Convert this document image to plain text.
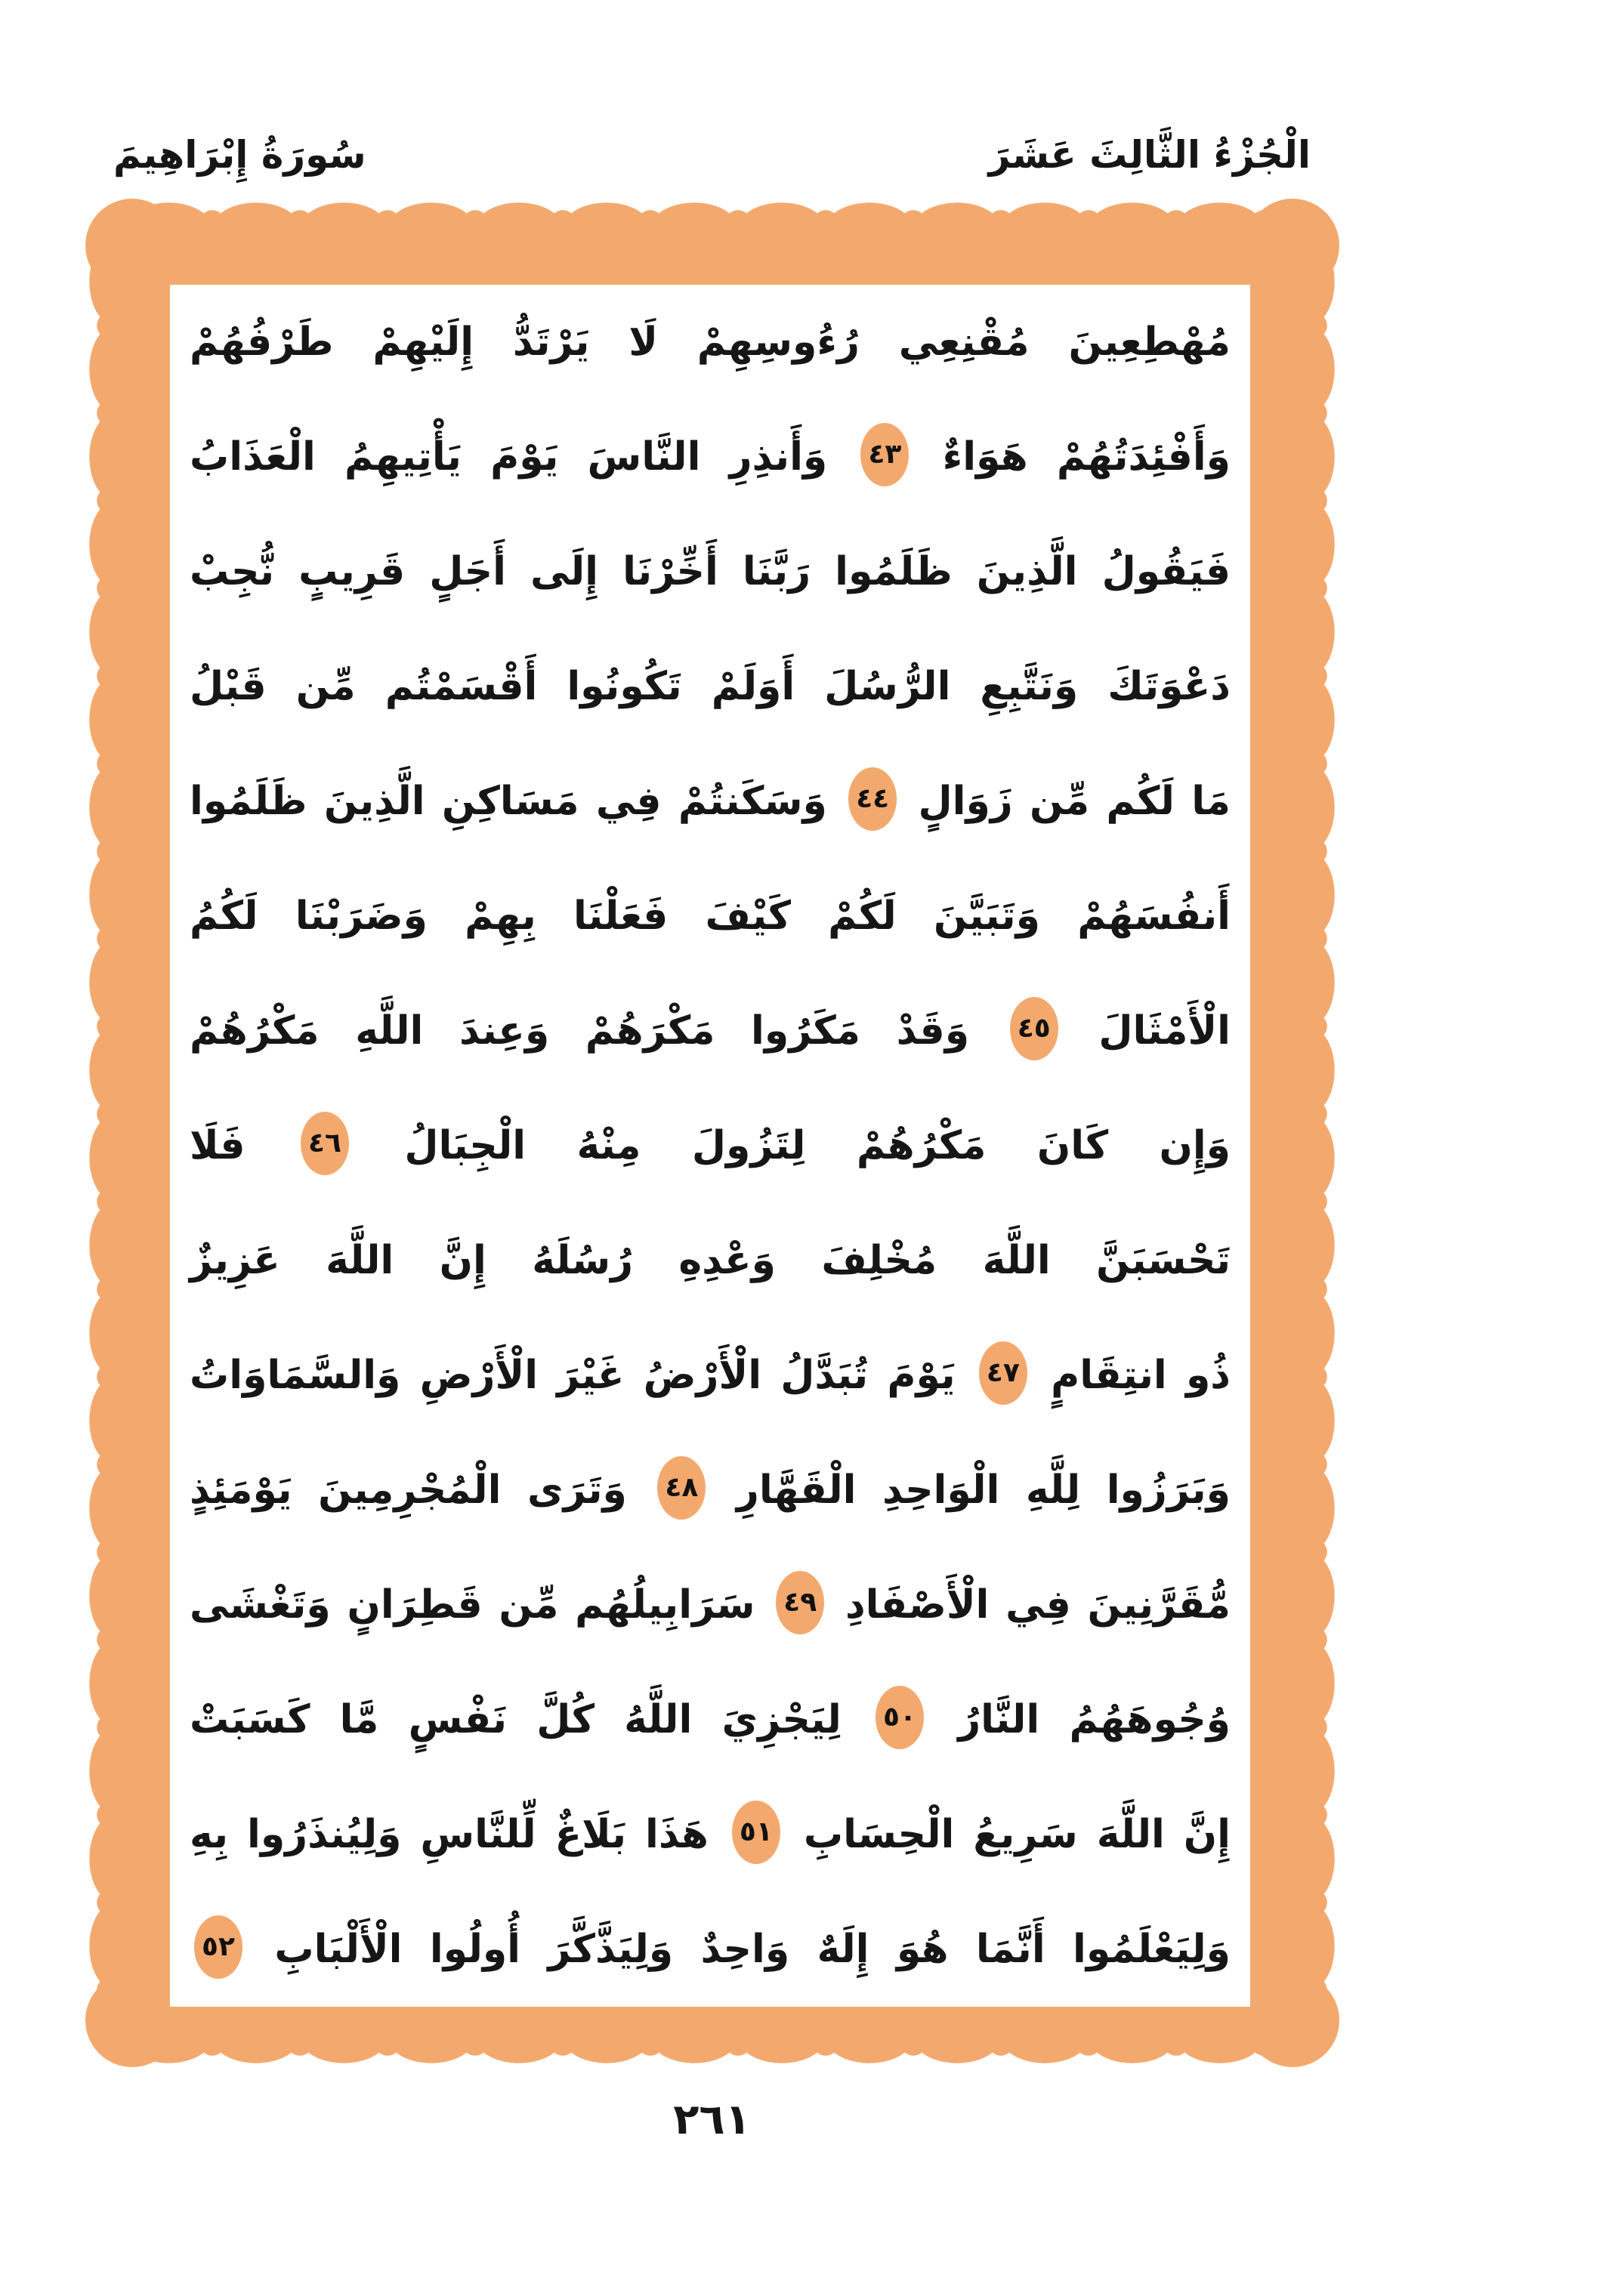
سُورَةُ إِبْرَاهِيمَ	الْجُزْءُ الثَّالِثَ عَشَرَ
مُهْطِعِينَ مُقْنِعِي رُءُوسِهِمْ لَا يَرْتَدُّ إِلَيْهِمْ طَرْفُهُمْ
وَأَفْئِدَتُهُمْ هَوَاءٌ ٤٣ وَأَنذِرِ النَّاسَ يَوْمَ يَأْتِيهِمُ الْعَذَابُ
فَيَقُولُ الَّذِينَ ظَلَمُوا رَبَّنَا أَخِّرْنَا إِلَى أَجَلٍ قَرِيبٍ نُّجِبْ
دَعْوَتَكَ وَنَتَّبِعِ الرُّسُلَ أَوَلَمْ تَكُونُوا أَقْسَمْتُم مِّن قَبْلُ
مَا لَكُم مِّن زَوَالٍ ٤٤ وَسَكَنتُمْ فِي مَسَاكِنِ الَّذِينَ ظَلَمُوا
أَنفُسَهُمْ وَتَبَيَّنَ لَكُمْ كَيْفَ فَعَلْنَا بِهِمْ وَضَرَبْنَا لَكُمُ
الْأَمْثَالَ ٤٥ وَقَدْ مَكَرُوا مَكْرَهُمْ وَعِندَ اللَّهِ مَكْرُهُمْ
وَإِن كَانَ مَكْرُهُمْ لِتَزُولَ مِنْهُ الْجِبَالُ ٤٦ فَلَا
تَحْسَبَنَّ اللَّهَ مُخْلِفَ وَعْدِهِ رُسُلَهُ إِنَّ اللَّهَ عَزِيزٌ
ذُو انتِقَامٍ ٤٧ يَوْمَ تُبَدَّلُ الْأَرْضُ غَيْرَ الْأَرْضِ وَالسَّمَاوَاتُ
وَبَرَزُوا لِلَّهِ الْوَاحِدِ الْقَهَّارِ ٤٨ وَتَرَى الْمُجْرِمِينَ يَوْمَئِذٍ
مُّقَرَّنِينَ فِي الْأَصْفَادِ ٤٩ سَرَابِيلُهُم مِّن قَطِرَانٍ وَتَغْشَى
وُجُوهَهُمُ النَّارُ ٥٠ لِيَجْزِيَ اللَّهُ كُلَّ نَفْسٍ مَّا كَسَبَتْ
إِنَّ اللَّهَ سَرِيعُ الْحِسَابِ ٥١ هَذَا بَلَاغٌ لِّلنَّاسِ وَلِيُنذَرُوا بِهِ
وَلِيَعْلَمُوا أَنَّمَا هُوَ إِلَهٌ وَاحِدٌ وَلِيَذَّكَّرَ أُولُوا الْأَلْبَابِ ٥٢
٢٦١
